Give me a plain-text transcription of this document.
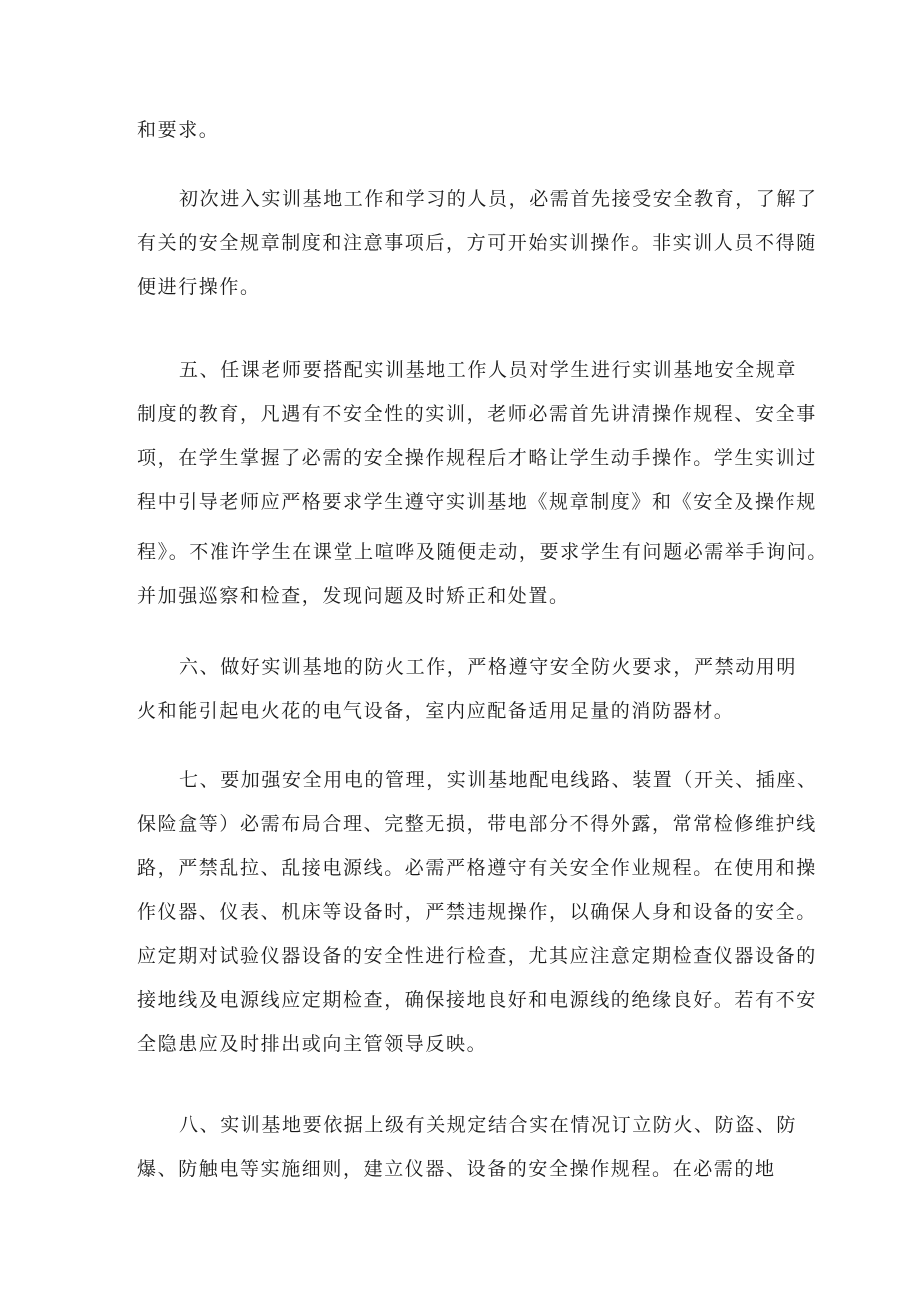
和要求。
初次进入实训基地工作和学习的人员，必需首先接受安全教育，了解了
有关的安全规章制度和注意事项后，方可开始实训操作。非实训人员不得随
便进行操作。
五、任课老师要搭配实训基地工作人员对学生进行实训基地安全规章
制度的教育，凡遇有不安全性的实训，老师必需首先讲清操作规程、安全事
项，在学生掌握了必需的安全操作规程后才略让学生动手操作。学生实训过
程中引导老师应严格要求学生遵守实训基地《规章制度》和《安全及操作规
程》。不准许学生在课堂上喧哗及随便走动，要求学生有问题必需举手询问。
并加强巡察和检查，发现问题及时矫正和处置。
六、做好实训基地的防火工作，严格遵守安全防火要求，严禁动用明
火和能引起电火花的电气设备，室内应配备适用足量的消防器材。
七、要加强安全用电的管理，实训基地配电线路、装置（开关、插座、
保险盒等）必需布局合理、完整无损，带电部分不得外露，常常检修维护线
路，严禁乱拉、乱接电源线。必需严格遵守有关安全作业规程。在使用和操
作仪器、仪表、机床等设备时，严禁违规操作，以确保人身和设备的安全。
应定期对试验仪器设备的安全性进行检查，尤其应注意定期检查仪器设备的
接地线及电源线应定期检查，确保接地良好和电源线的绝缘良好。若有不安
全隐患应及时排出或向主管领导反映。
八、实训基地要依据上级有关规定结合实在情况订立防火、防盗、防
爆、防触电等实施细则，建立仪器、设备的安全操作规程。在必需的地
